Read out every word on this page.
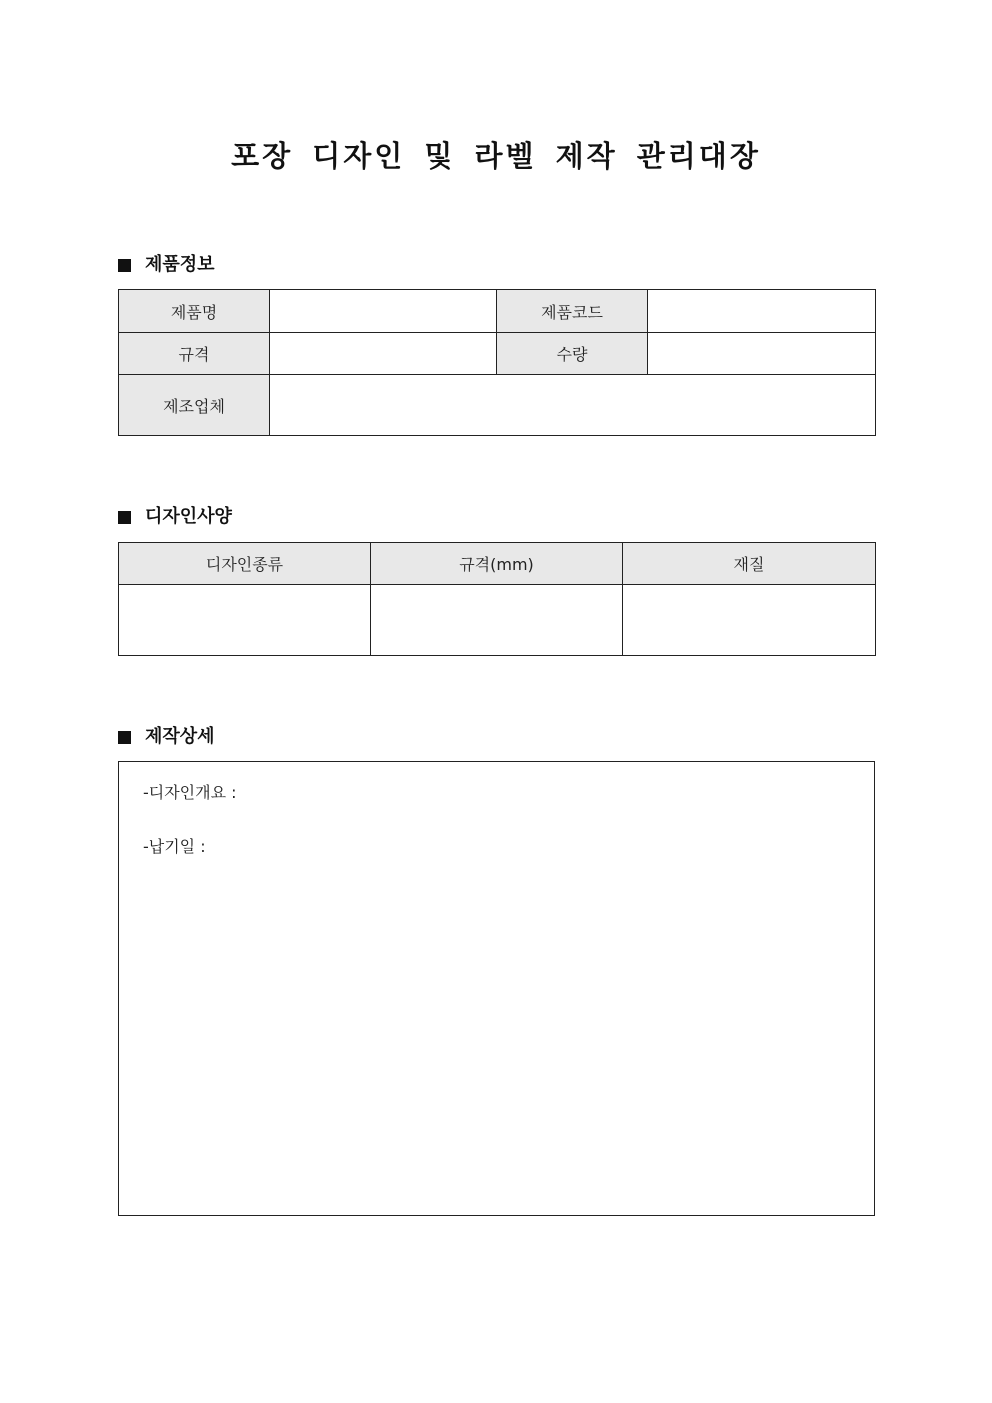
포장 디자인 및 라벨 제작 관리대장
제품정보
제품명		제품코드	
규격		수량	
제조업체			
디자인사양
디자인종류	규격(mm)	재질

제작상세
-디자인개요 :
-납기일 :
